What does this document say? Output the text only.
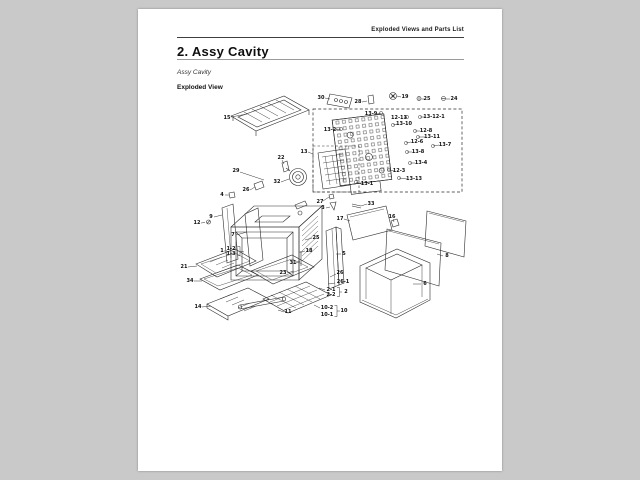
Exploded Views and Parts List
2. Assy Cavity
Assy Cavity
Exploded View
15
22
32
13
29
26
4
9
12
7
1 1-2
1-3
21
34
14
23
31
18
25
27
3
33
17	16
5	8
6
11
2-1
2-2 2
10-2
10-1
10
26
26-1
30
28
19	25	24
13-9
12-13	13-12-1
13-10
12-8
13-11
12-6	13-7
13-8
13-4
12-3
13-13
13-1
13-2
